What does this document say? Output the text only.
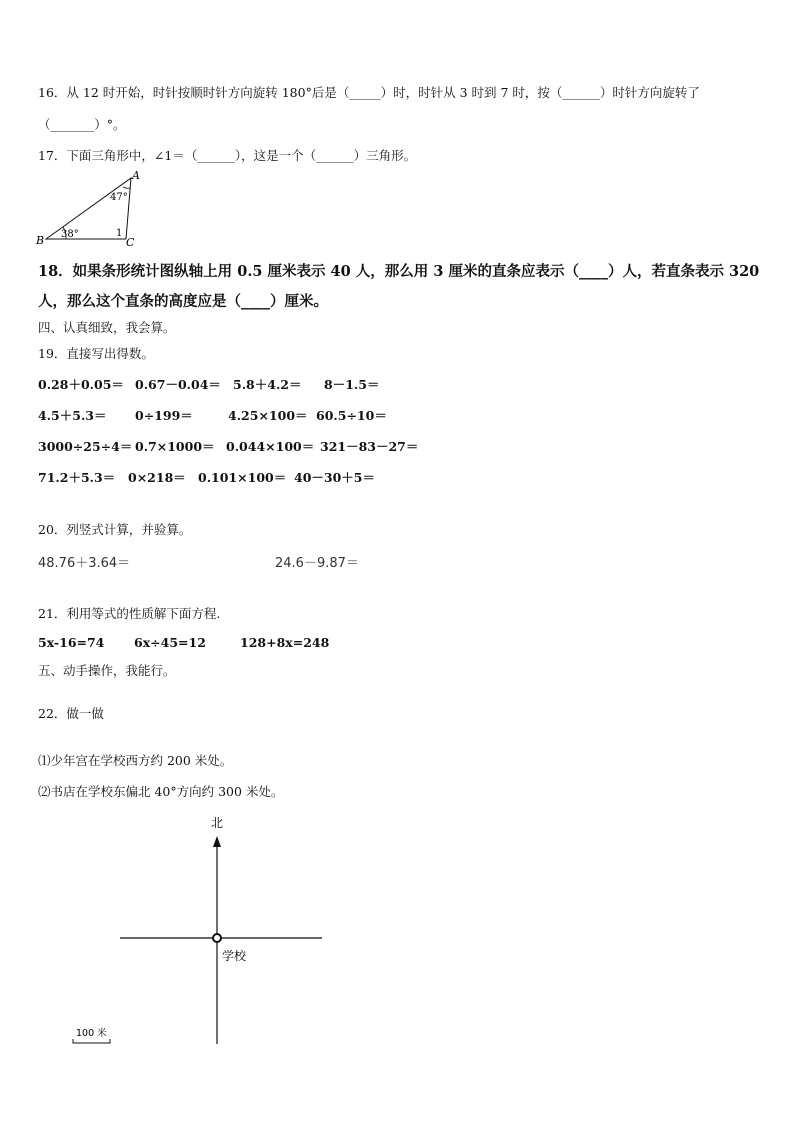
16．从 12 时开始，时针按顺时针方向旋转 180°后是（_____）时，时针从 3 时到 7 时，按（______）时针方向旋转了
（_______）°。
17．下面三角形中，∠1＝（______），这是一个（______）三角形。
A
B	C
47°
38°	1
18．如果条形统计图纵轴上用 0.5 厘米表示 40 人，那么用 3 厘米的直条应表示（____）人，若直条表示 320
人，那么这个直条的高度应是（____）厘米。
四、认真细致，我会算。
19．直接写出得数。
0.28＋0.05＝ 0.67－0.04＝ 5.8＋4.2＝ 8－1.5＝
4.5＋5.3＝ 0÷199＝	4.25×100＝ 60.5÷10＝
3000÷25÷4＝ 0.7×1000＝ 0.044×100＝ 321－83－27＝
71.2＋5.3＝ 0×218＝ 0.101×100＝ 40－30＋5＝
20．列竖式计算，并验算。
48.76＋3.64＝	24.6－9.87＝
21．利用等式的性质解下面方程.
5x-16=74 6x÷45=12	128+8x=248
五、动手操作，我能行。
22．做一做
⑴少年宫在学校西方约 200 米处。
⑵书店在学校东偏北 40°方向约 300 米处。
北
学校
100 米
